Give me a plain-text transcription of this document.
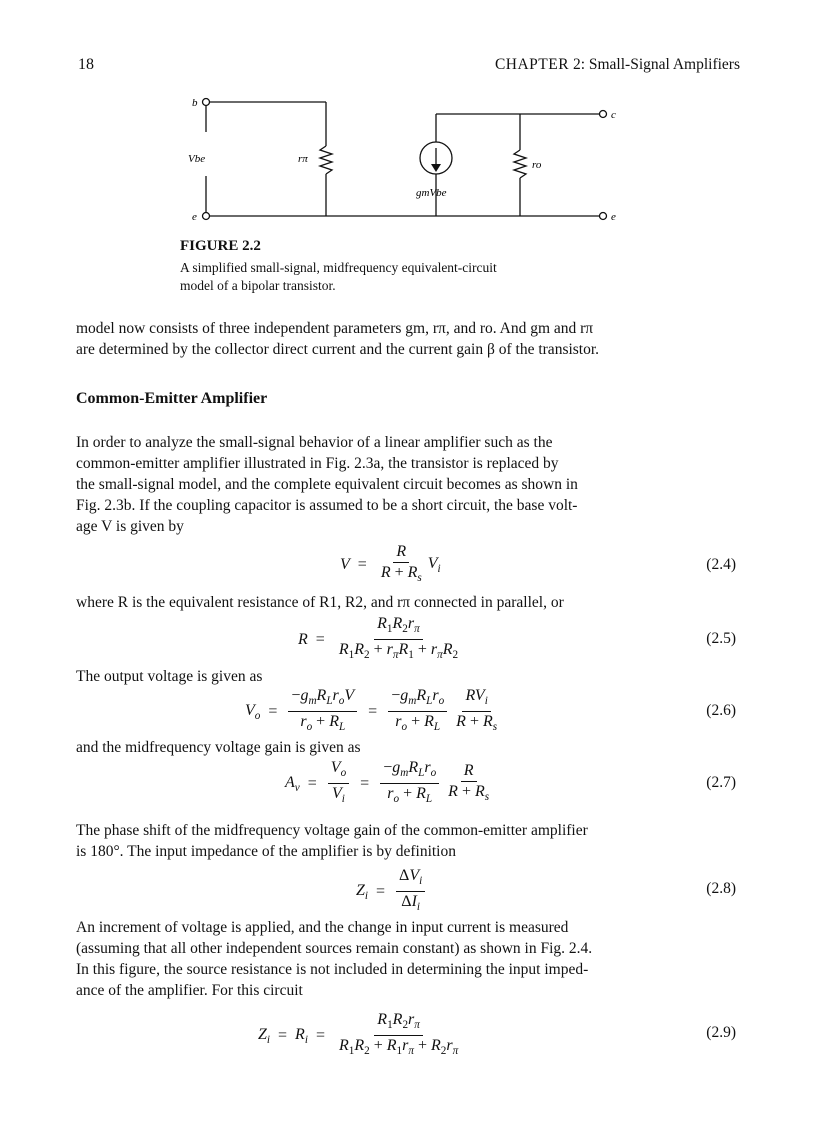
18	CHAPTER 2: Small-Signal Amplifiers
b
e
c
e
Vbe	rπ	ro
gmVbe
FIGURE 2.2
A simplified small-signal, midfrequency equivalent-circuit
model of a bipolar transistor.
model now consists of three independent parameters gm, rπ, and ro. And gm and rπ
are determined by the collector direct current and the current gain β of the transistor.
Common-Emitter Amplifier
In order to analyze the small-signal behavior of a linear amplifier such as the
common-emitter amplifier illustrated in Fig. 2.3a, the transistor is replaced by
the small-signal model, and the complete equivalent circuit becomes as shown in
Fig. 2.3b. If the coupling capacitor is assumed to be a short circuit, the base volt-
age V is given by
$V = \frac{R}{R + R_s} V_i$	(2.4)
where R is the equivalent resistance of R1, R2, and rπ connected in parallel, or
$R = \frac{R_1R_2r_\pi}{R_1R_2 + r_\pi R_1 + r_\pi R_2}$	(2.5)
The output voltage is given as
$V_o = \frac{-g_mR_Lr_oV}{r_o + R_L} = \frac{-g_mR_Lr_o}{r_o + R_L} \frac{RV_i}{R + R_s}$	(2.6)
and the midfrequency voltage gain is given as
$A_v = \frac{V_o}{V_i} = \frac{-g_mR_Lr_o}{r_o + R_L} \frac{R}{R + R_s}$	(2.7)
The phase shift of the midfrequency voltage gain of the common-emitter amplifier
is 180°. The input impedance of the amplifier is by definition
$Z_i = \frac{\Delta V_i}{\Delta I_i}$	(2.8)
An increment of voltage is applied, and the change in input current is measured
(assuming that all other independent sources remain constant) as shown in Fig. 2.4.
In this figure, the source resistance is not included in determining the input imped-
ance of the amplifier. For this circuit
$Z_i = R_i = \frac{R_1R_2r_\pi}{R_1R_2 + R_1r_\pi + R_2r_\pi}$	(2.9)
